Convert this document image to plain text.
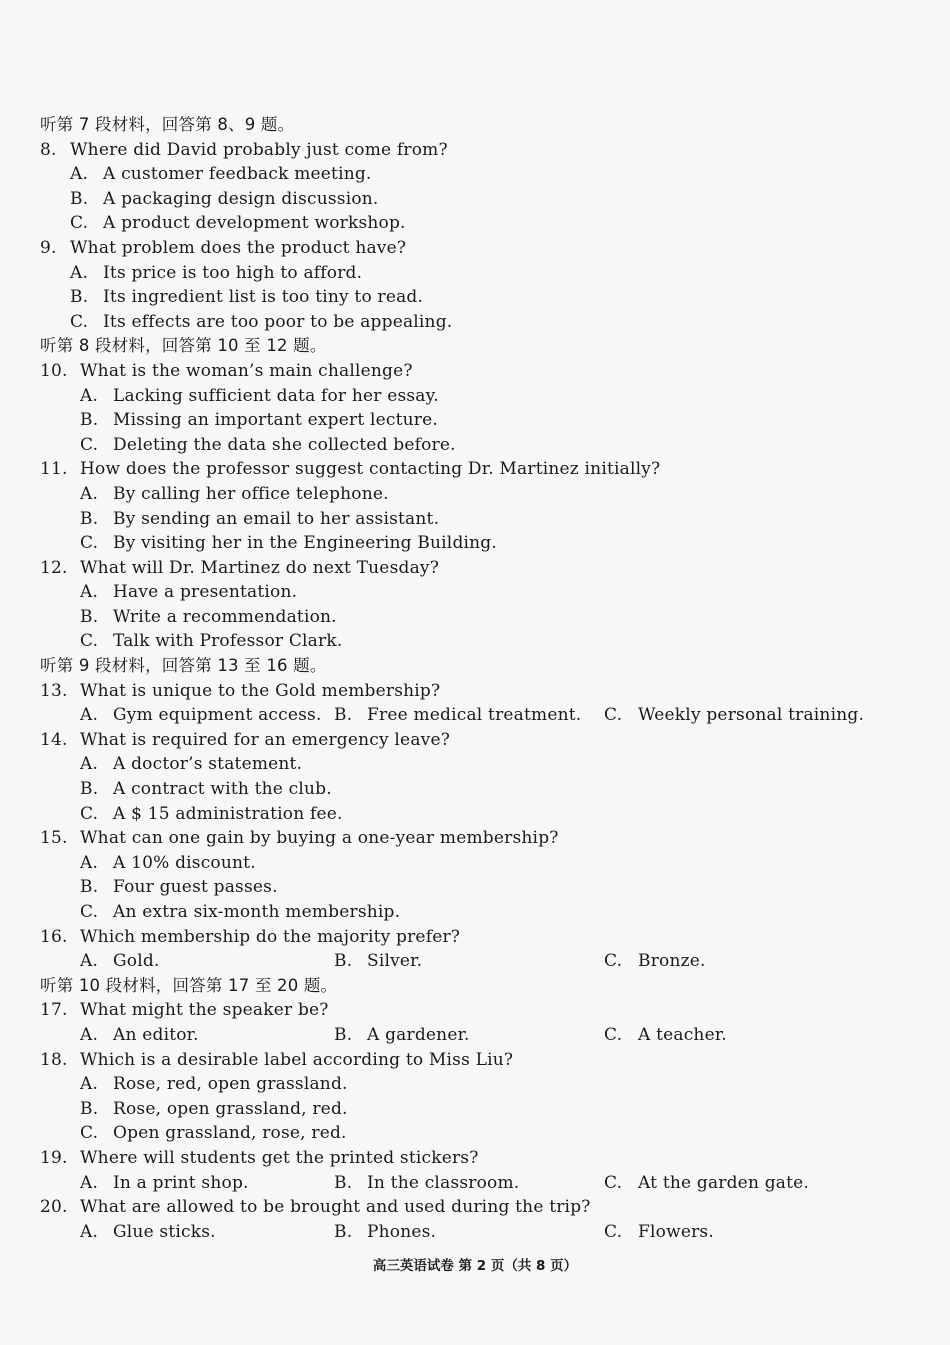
听第 7 段材料，回答第 8、9 题。
8. Where did David probably just come from?
A. A customer feedback meeting.
B. A packaging design discussion.
C. A product development workshop.
9. What problem does the product have?
A. Its price is too high to afford.
B. Its ingredient list is too tiny to read.
C. Its effects are too poor to be appealing.
听第 8 段材料，回答第 10 至 12 题。
10. What is the woman’s main challenge?
A. Lacking sufficient data for her essay.
B. Missing an important expert lecture.
C. Deleting the data she collected before.
11. How does the professor suggest contacting Dr. Martinez initially?
A. By calling her office telephone.
B. By sending an email to her assistant.
C. By visiting her in the Engineering Building.
12. What will Dr. Martinez do next Tuesday?
A. Have a presentation.
B. Write a recommendation.
C. Talk with Professor Clark.
听第 9 段材料，回答第 13 至 16 题。
13. What is unique to the Gold membership?
A. Gym equipment access. B. Free medical treatment. C. Weekly personal training.
14. What is required for an emergency leave?
A. A doctor’s statement.
B. A contract with the club.
C. A $ 15 administration fee.
15. What can one gain by buying a one-year membership?
A. A 10% discount.
B. Four guest passes.
C. An extra six-month membership.
16. Which membership do the majority prefer?
A. Gold.	B. Silver.	C. Bronze.
听第 10 段材料，回答第 17 至 20 题。
17. What might the speaker be?
A. An editor.	B. A gardener.	C. A teacher.
18. Which is a desirable label according to Miss Liu?
A. Rose, red, open grassland.
B. Rose, open grassland, red.
C. Open grassland, rose, red.
19. Where will students get the printed stickers?
A. In a print shop.	B. In the classroom.	C. At the garden gate.
20. What are allowed to be brought and used during the trip?
A. Glue sticks.	B. Phones.	C. Flowers.
高三英语试卷 第 2 页（共 8 页）
